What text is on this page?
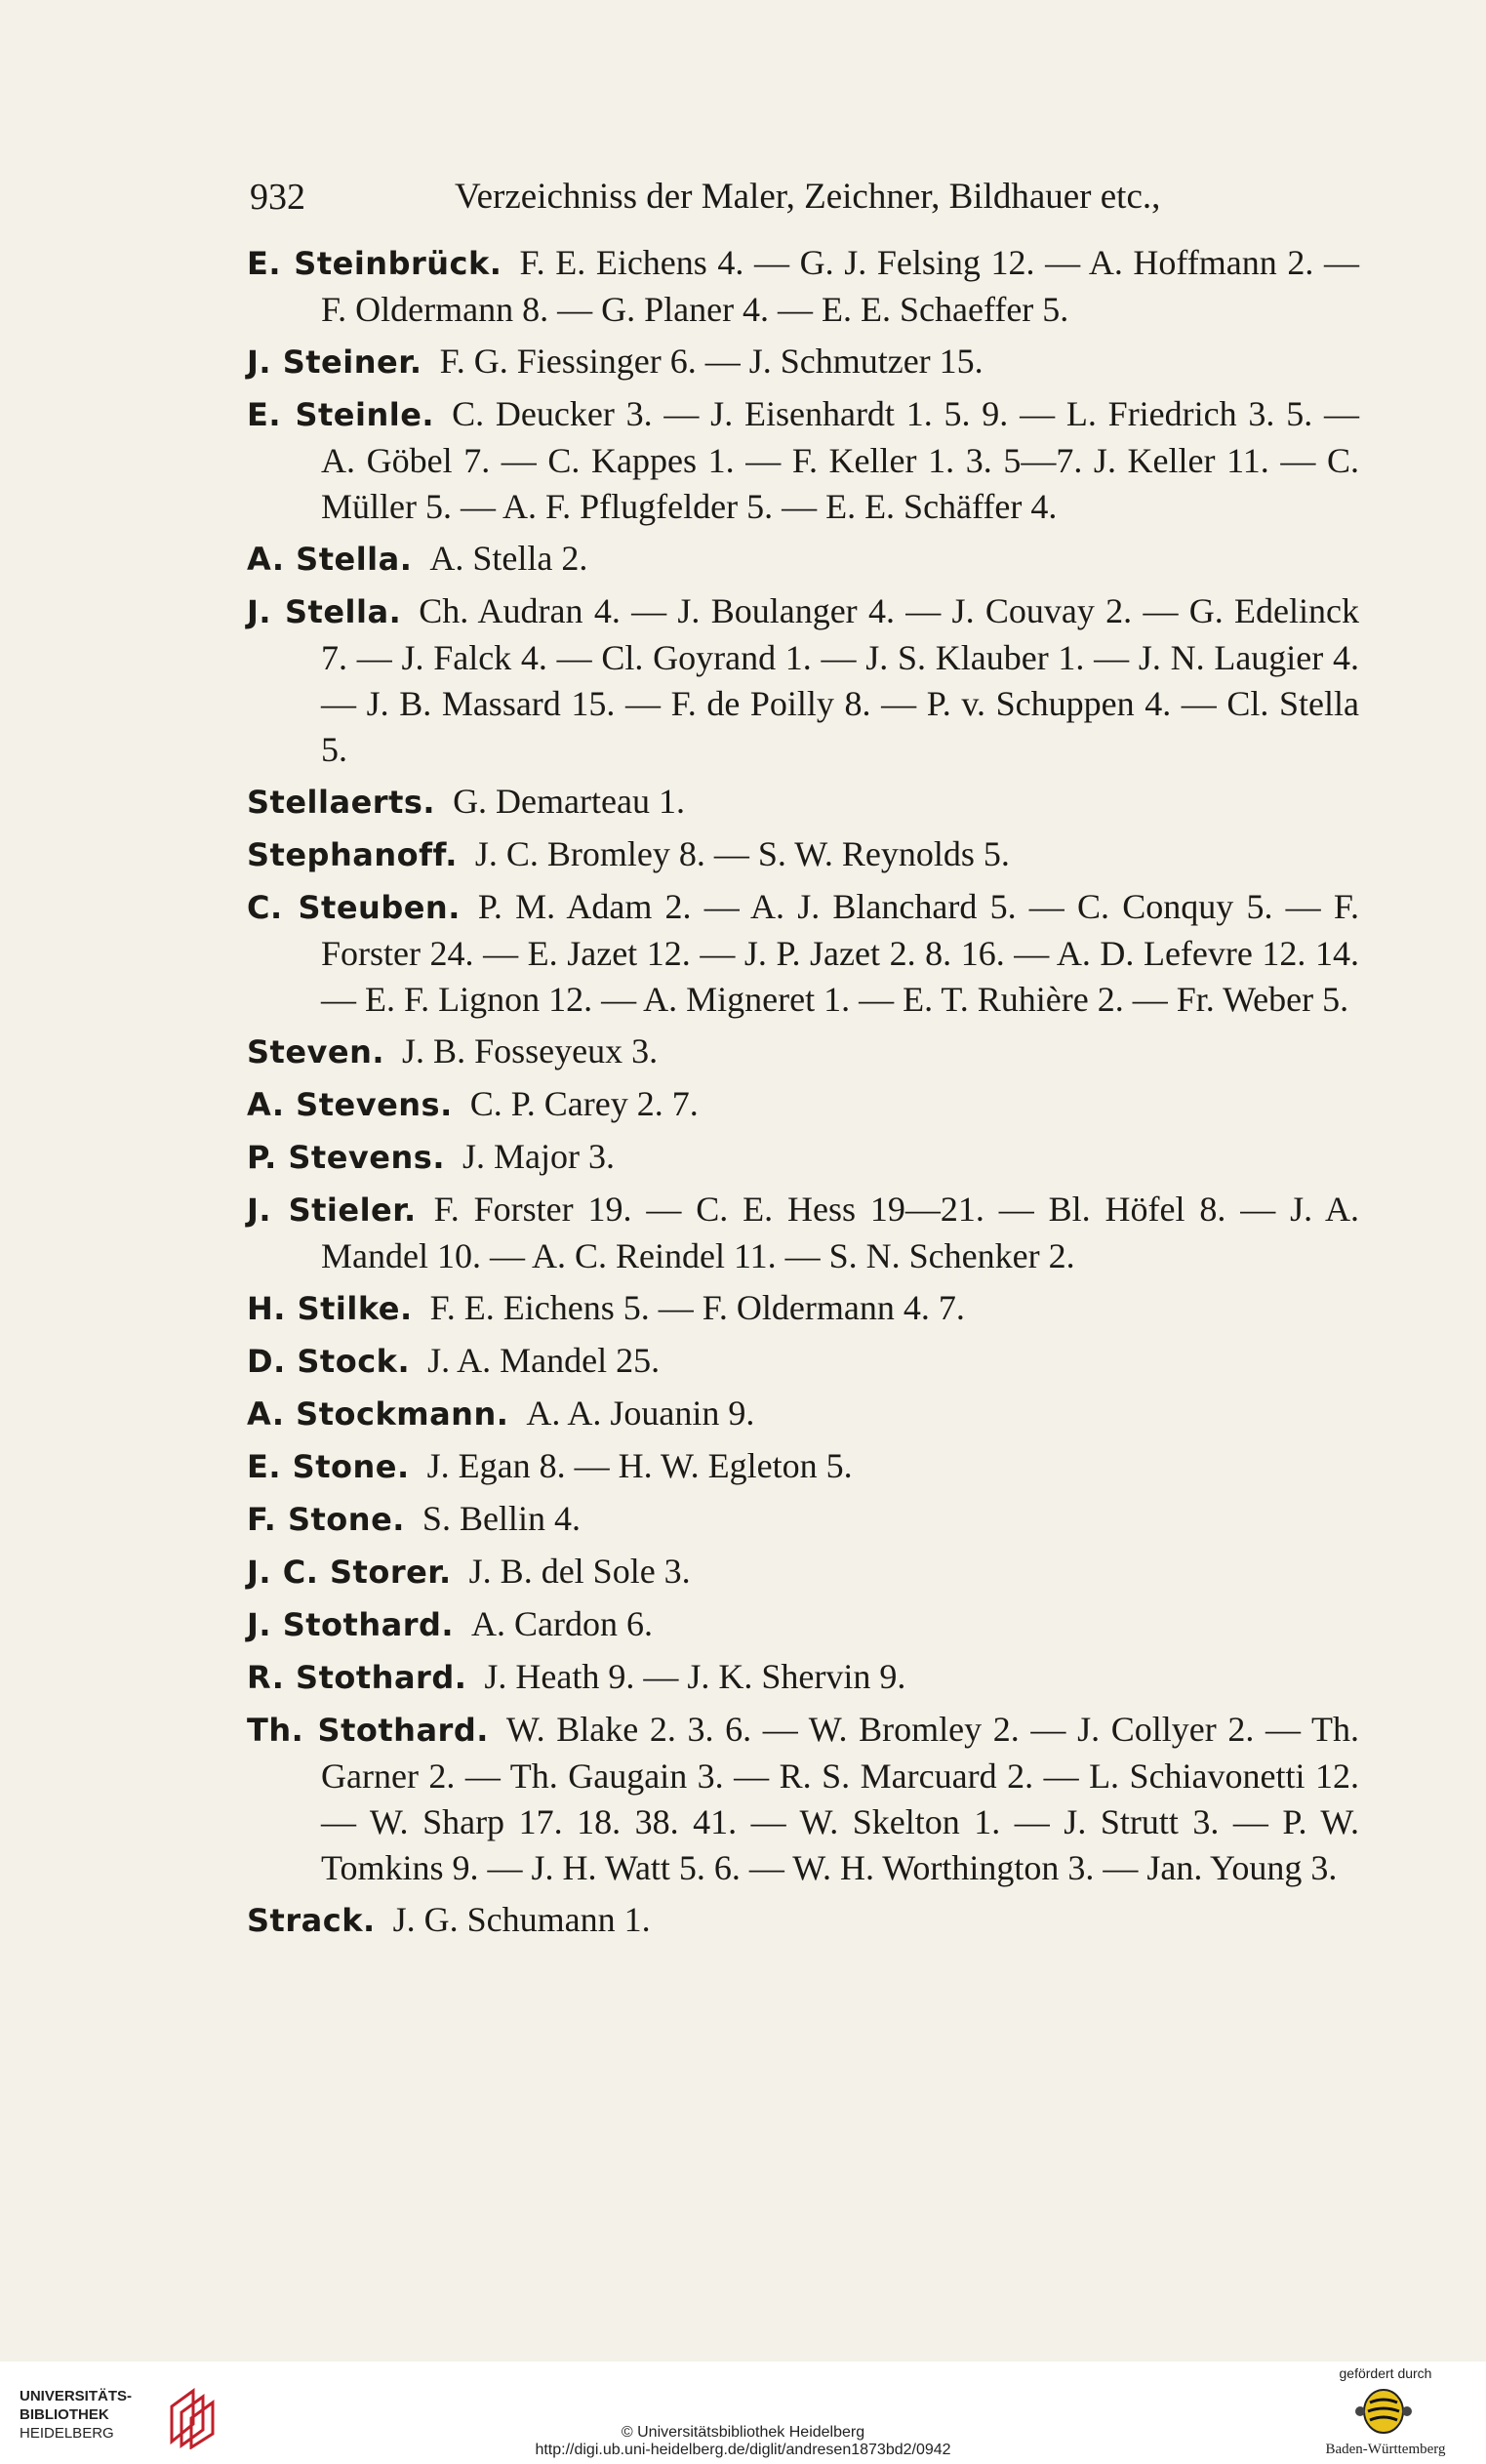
932	Verzeichniss der Maler, Zeichner, Bildhauer etc.,

E. Steinbrück. F. E. Eichens 4. — G. J. Felsing 12. — A. Hoffmann 2. — F. Oldermann 8. — G. Planer 4. — E. E. Schaeffer 5.

J. Steiner. F. G. Fiessinger 6. — J. Schmutzer 15.

E. Steinle. C. Deucker 3. — J. Eisenhardt 1. 5. 9. — L. Friedrich 3. 5. — A. Göbel 7. — C. Kappes 1. — F. Keller 1. 3. 5—7. J. Keller 11. — C. Müller 5. — A. F. Pflugfelder 5. — E. E. Schäffer 4.

A. Stella. A. Stella 2.

J. Stella. Ch. Audran 4. — J. Boulanger 4. — J. Couvay 2. — G. Edelinck 7. — J. Falck 4. — Cl. Goyrand 1. — J. S. Klauber 1. — J. N. Laugier 4. — J. B. Massard 15. — F. de Poilly 8. — P. v. Schuppen 4. — Cl. Stella 5.

Stellaerts. G. Demarteau 1.

Stephanoff. J. C. Bromley 8. — S. W. Reynolds 5.

C. Steuben. P. M. Adam 2. — A. J. Blanchard 5. — C. Conquy 5. — F. Forster 24. — E. Jazet 12. — J. P. Jazet 2. 8. 16. — A. D. Lefevre 12. 14. — E. F. Lignon 12. — A. Migneret 1. — E. T. Ruhière 2. — Fr. Weber 5.

Steven. J. B. Fosseyeux 3.

A. Stevens. C. P. Carey 2. 7.

P. Stevens. J. Major 3.

J. Stieler. F. Forster 19. — C. E. Hess 19—21. — Bl. Höfel 8. — J. A. Mandel 10. — A. C. Reindel 11. — S. N. Schenker 2.

H. Stilke. F. E. Eichens 5. — F. Oldermann 4. 7.

D. Stock. J. A. Mandel 25.

A. Stockmann. A. A. Jouanin 9.

E. Stone. J. Egan 8. — H. W. Egleton 5.

F. Stone. S. Bellin 4.

J. C. Storer. J. B. del Sole 3.

J. Stothard. A. Cardon 6.

R. Stothard. J. Heath 9. — J. K. Shervin 9.

Th. Stothard. W. Blake 2. 3. 6. — W. Bromley 2. — J. Collyer 2. — Th. Garner 2. — Th. Gaugain 3. — R. S. Marcuard 2. — L. Schiavonetti 12. — W. Sharp 17. 18. 38. 41. — W. Skelton 1. — J. Strutt 3. — P. W. Tomkins 9. — J. H. Watt 5. 6. — W. H. Worthington 3. — Jan. Young 3.

Strack. J. G. Schumann 1.

UNIVERSITÄTS-
BIBLIOTHEK
HEIDELBERG	© Universitätsbibliothek Heidelberg
http://digi.ub.uni-heidelberg.de/diglit/andresen1873bd2/0942
gefördert durch
Baden-Württemberg
